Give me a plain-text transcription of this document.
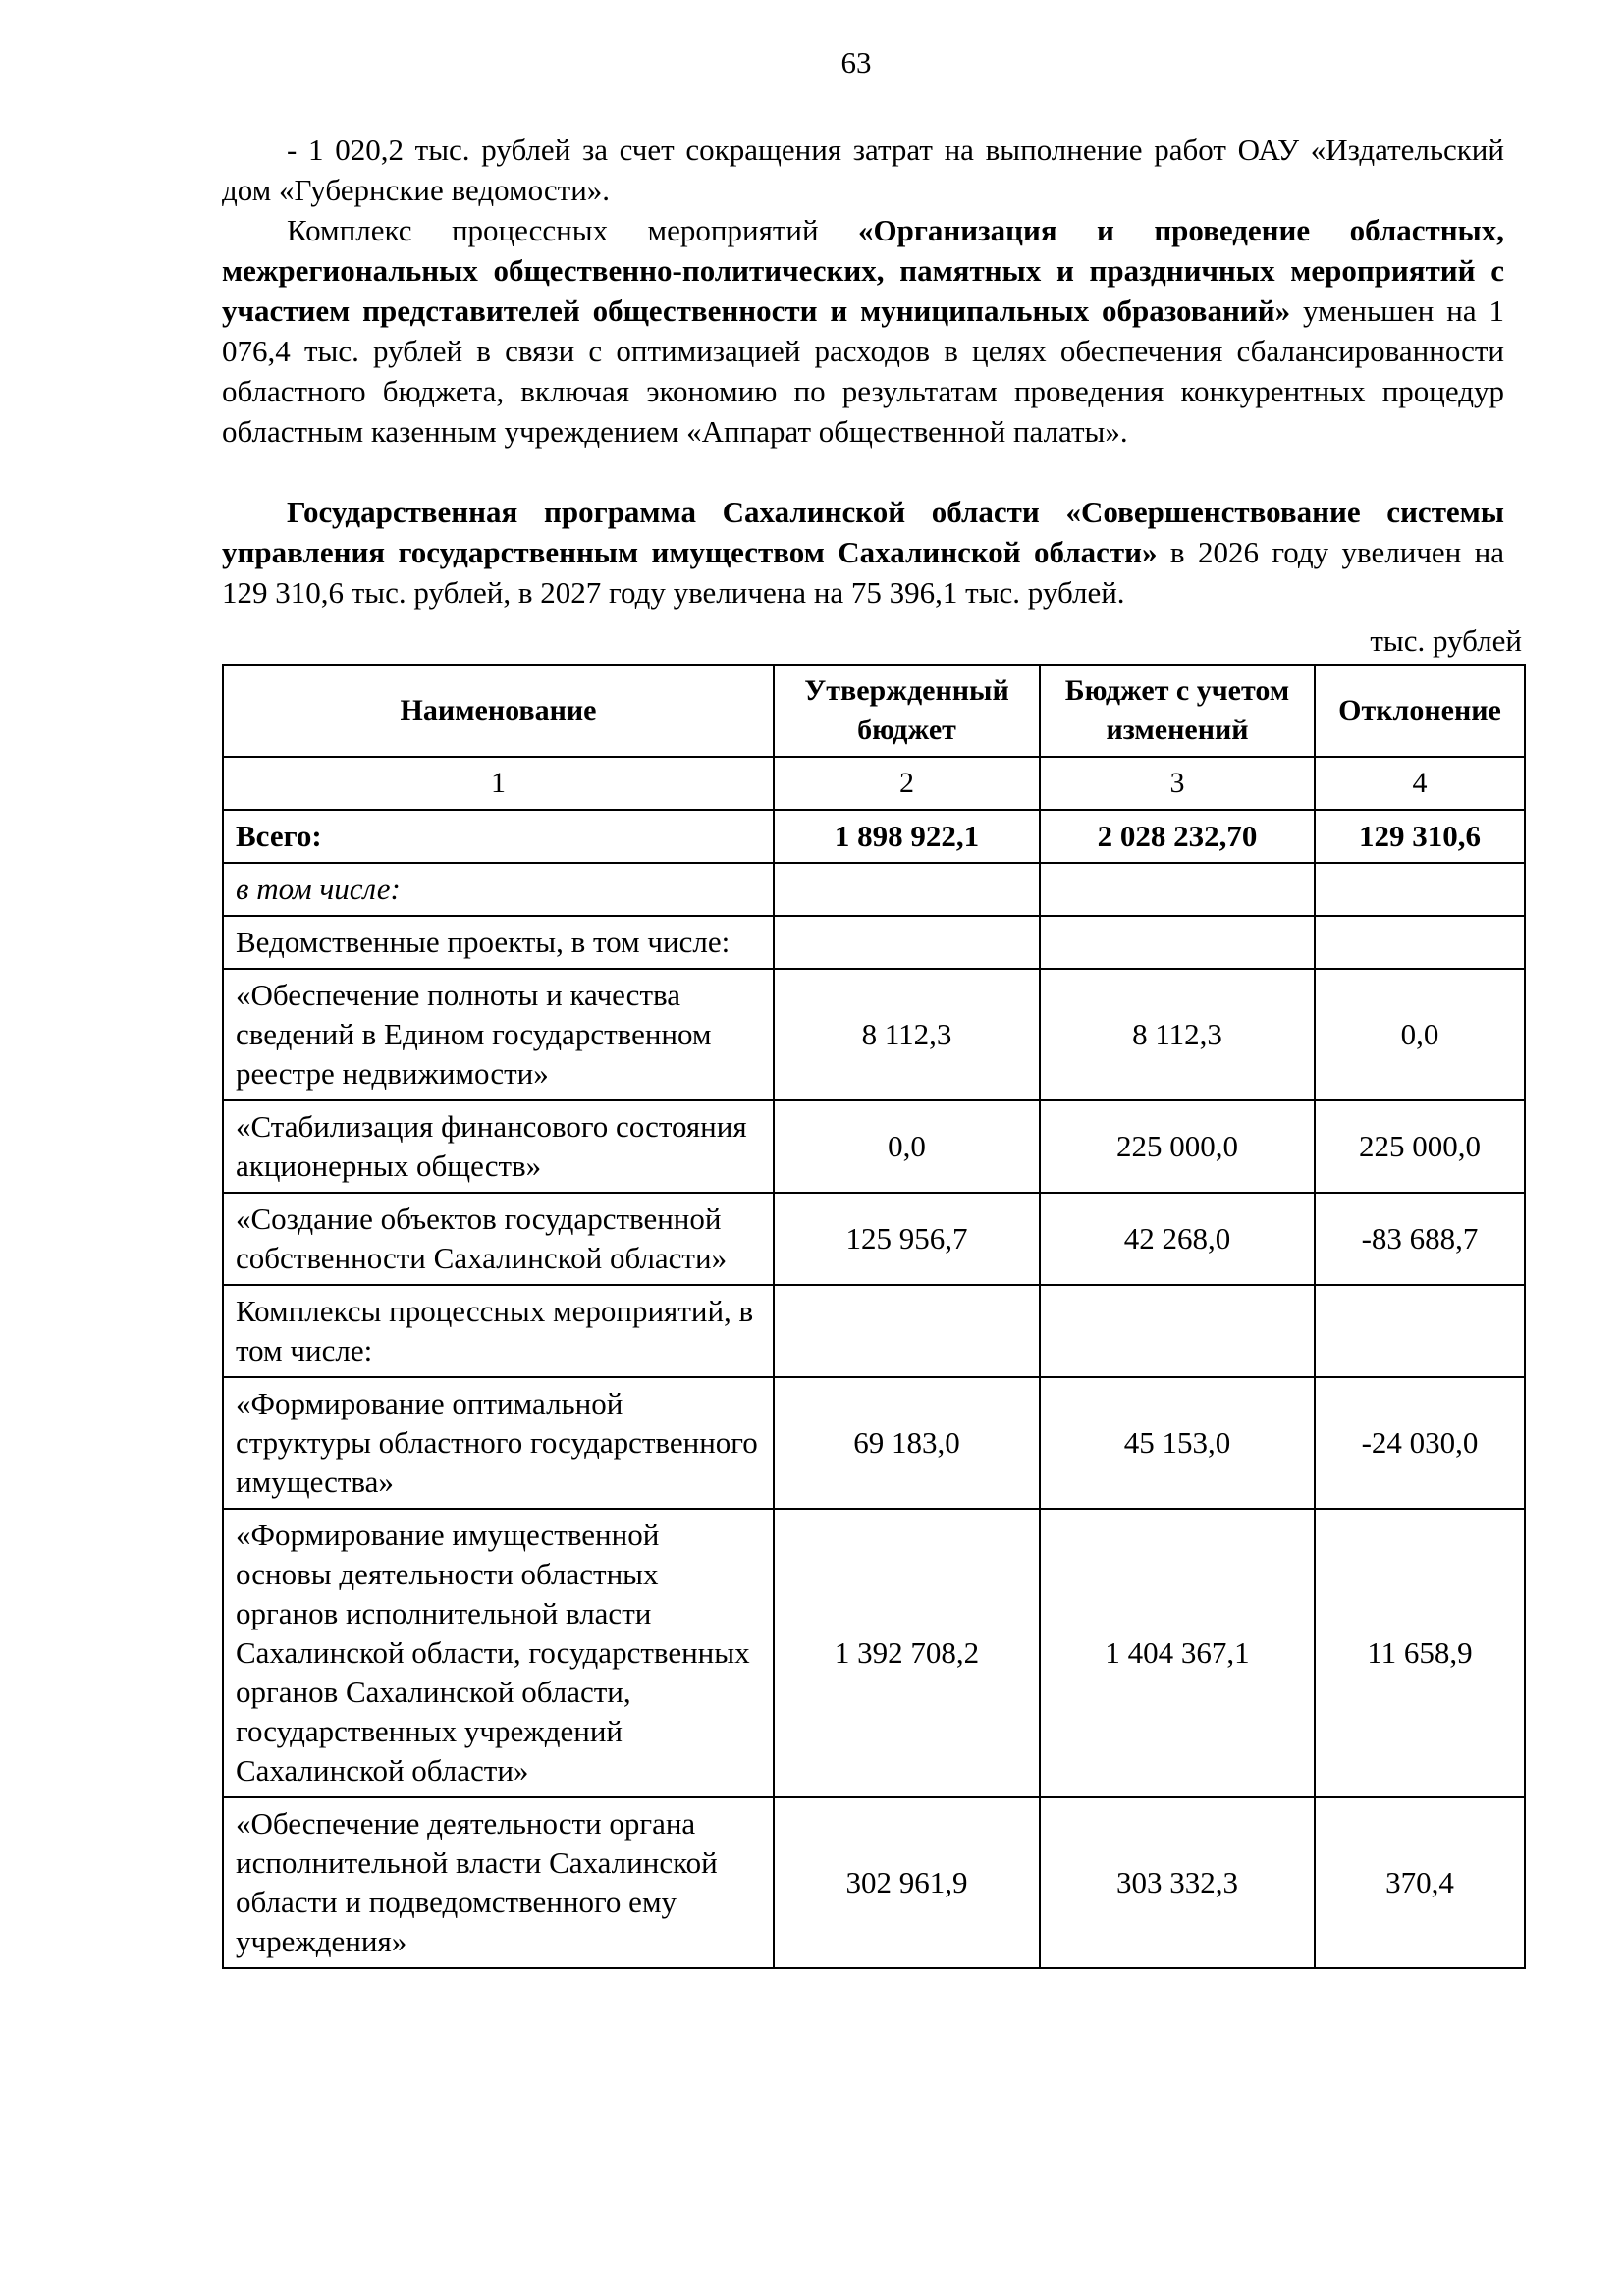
63

- 1 020,2 тыс. рублей за счет сокращения затрат на выполнение работ ОАУ «Издательский дом «Губернские ведомости».

Комплекс процессных мероприятий «Организация и проведение областных, межрегиональных общественно-политических, памятных и праздничных мероприятий с участием представителей общественности и муниципальных образований» уменьшен на 1 076,4 тыс. рублей в связи с оптимизацией расходов в целях обеспечения сбалансированности областного бюджета, включая экономию по результатам проведения конкурентных процедур областным казенным учреждением «Аппарат общественной палаты».

Государственная программа Сахалинской области «Совершенствование системы управления государственным имуществом Сахалинской области» в 2026 году увеличен на 129 310,6 тыс. рублей, в 2027 году увеличена на 75 396,1 тыс. рублей.

тыс. рублей
Наименование	Утвержденный бюджет	Бюджет с учетом изменений	Отклонение
1	2	3	4
Всего:	1 898 922,1	2 028 232,70	129 310,6
в том числе:			
Ведомственные проекты, в том числе:			
«Обеспечение полноты и качества сведений в Едином государственном реестре недвижимости»	8 112,3	8 112,3	0,0
«Стабилизация финансового состояния акционерных обществ»	0,0	225 000,0	225 000,0
«Создание объектов государственной собственности Сахалинской области»	125 956,7	42 268,0	-83 688,7
Комплексы процессных мероприятий, в том числе:			
«Формирование оптимальной структуры областного государственного имущества»	69 183,0	45 153,0	-24 030,0
«Формирование имущественной основы деятельности областных органов исполнительной власти Сахалинской области, государственных органов Сахалинской области, государственных учреждений Сахалинской области»	1 392 708,2	1 404 367,1	11 658,9
«Обеспечение деятельности органа исполнительной власти Сахалинской области и подведомственного ему учреждения»	302 961,9	303 332,3	370,4
